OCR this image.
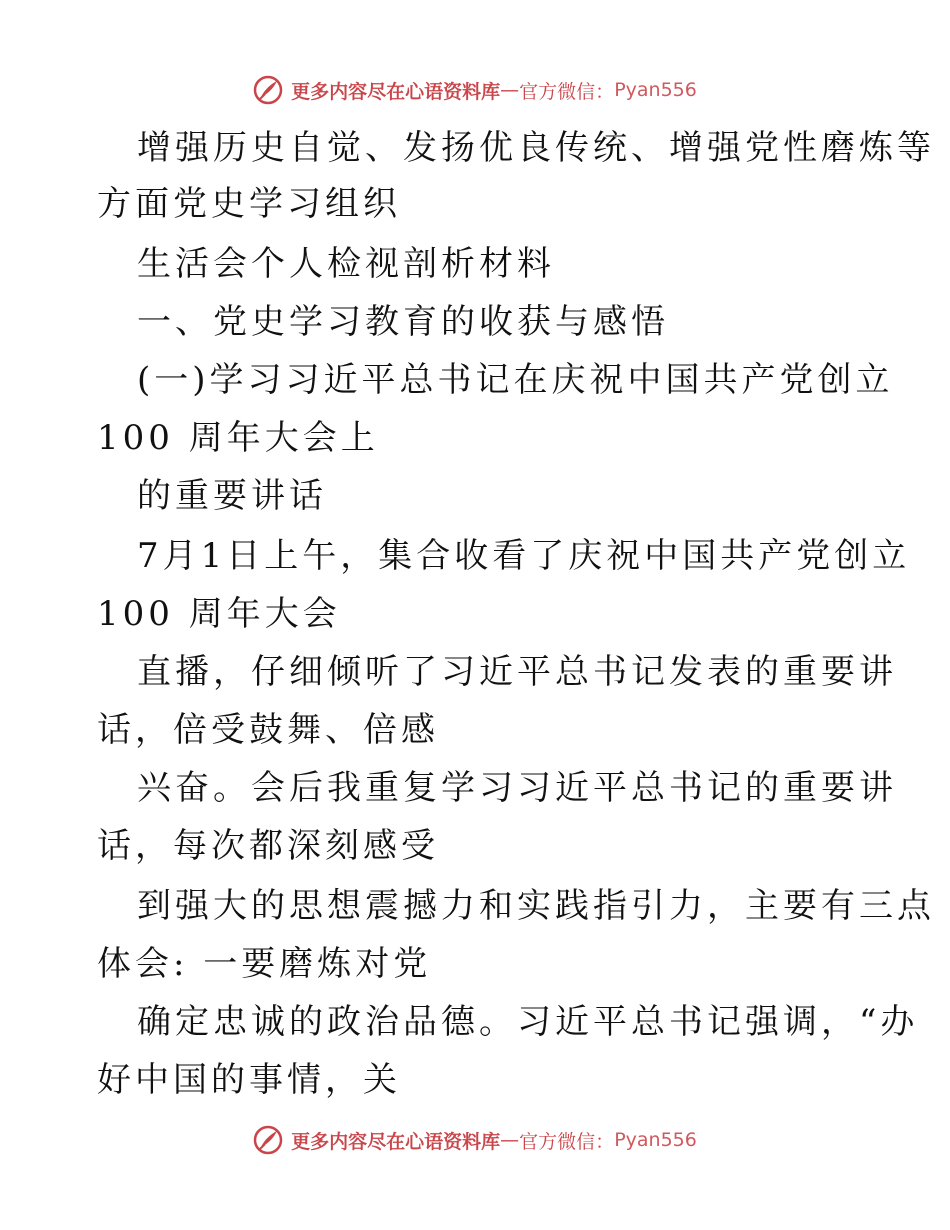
更多内容尽在心语资料库 — 官方微信： Pyan556
增强历史自觉、发扬优良传统、增强党性磨炼等
方面党史学习组织
生活会个人检视剖析材料
一、党史学习教育的收获与感悟
(一)学习习近平总书记在庆祝中国共产党创立
100 周年大会上
的重要讲话
7月1日上午，集合收看了庆祝中国共产党创立
100 周年大会
直播，仔细倾听了习近平总书记发表的重要讲
话，倍受鼓舞、倍感
兴奋。会后我重复学习习近平总书记的重要讲
话，每次都深刻感受
到强大的思想震撼力和实践指引力，主要有三点
体会: 一要磨炼对党
确定忠诚的政治品德。习近平总书记强调，“办
好中国的事情，关
更多内容尽在心语资料库 — 官方微信： Pyan556
